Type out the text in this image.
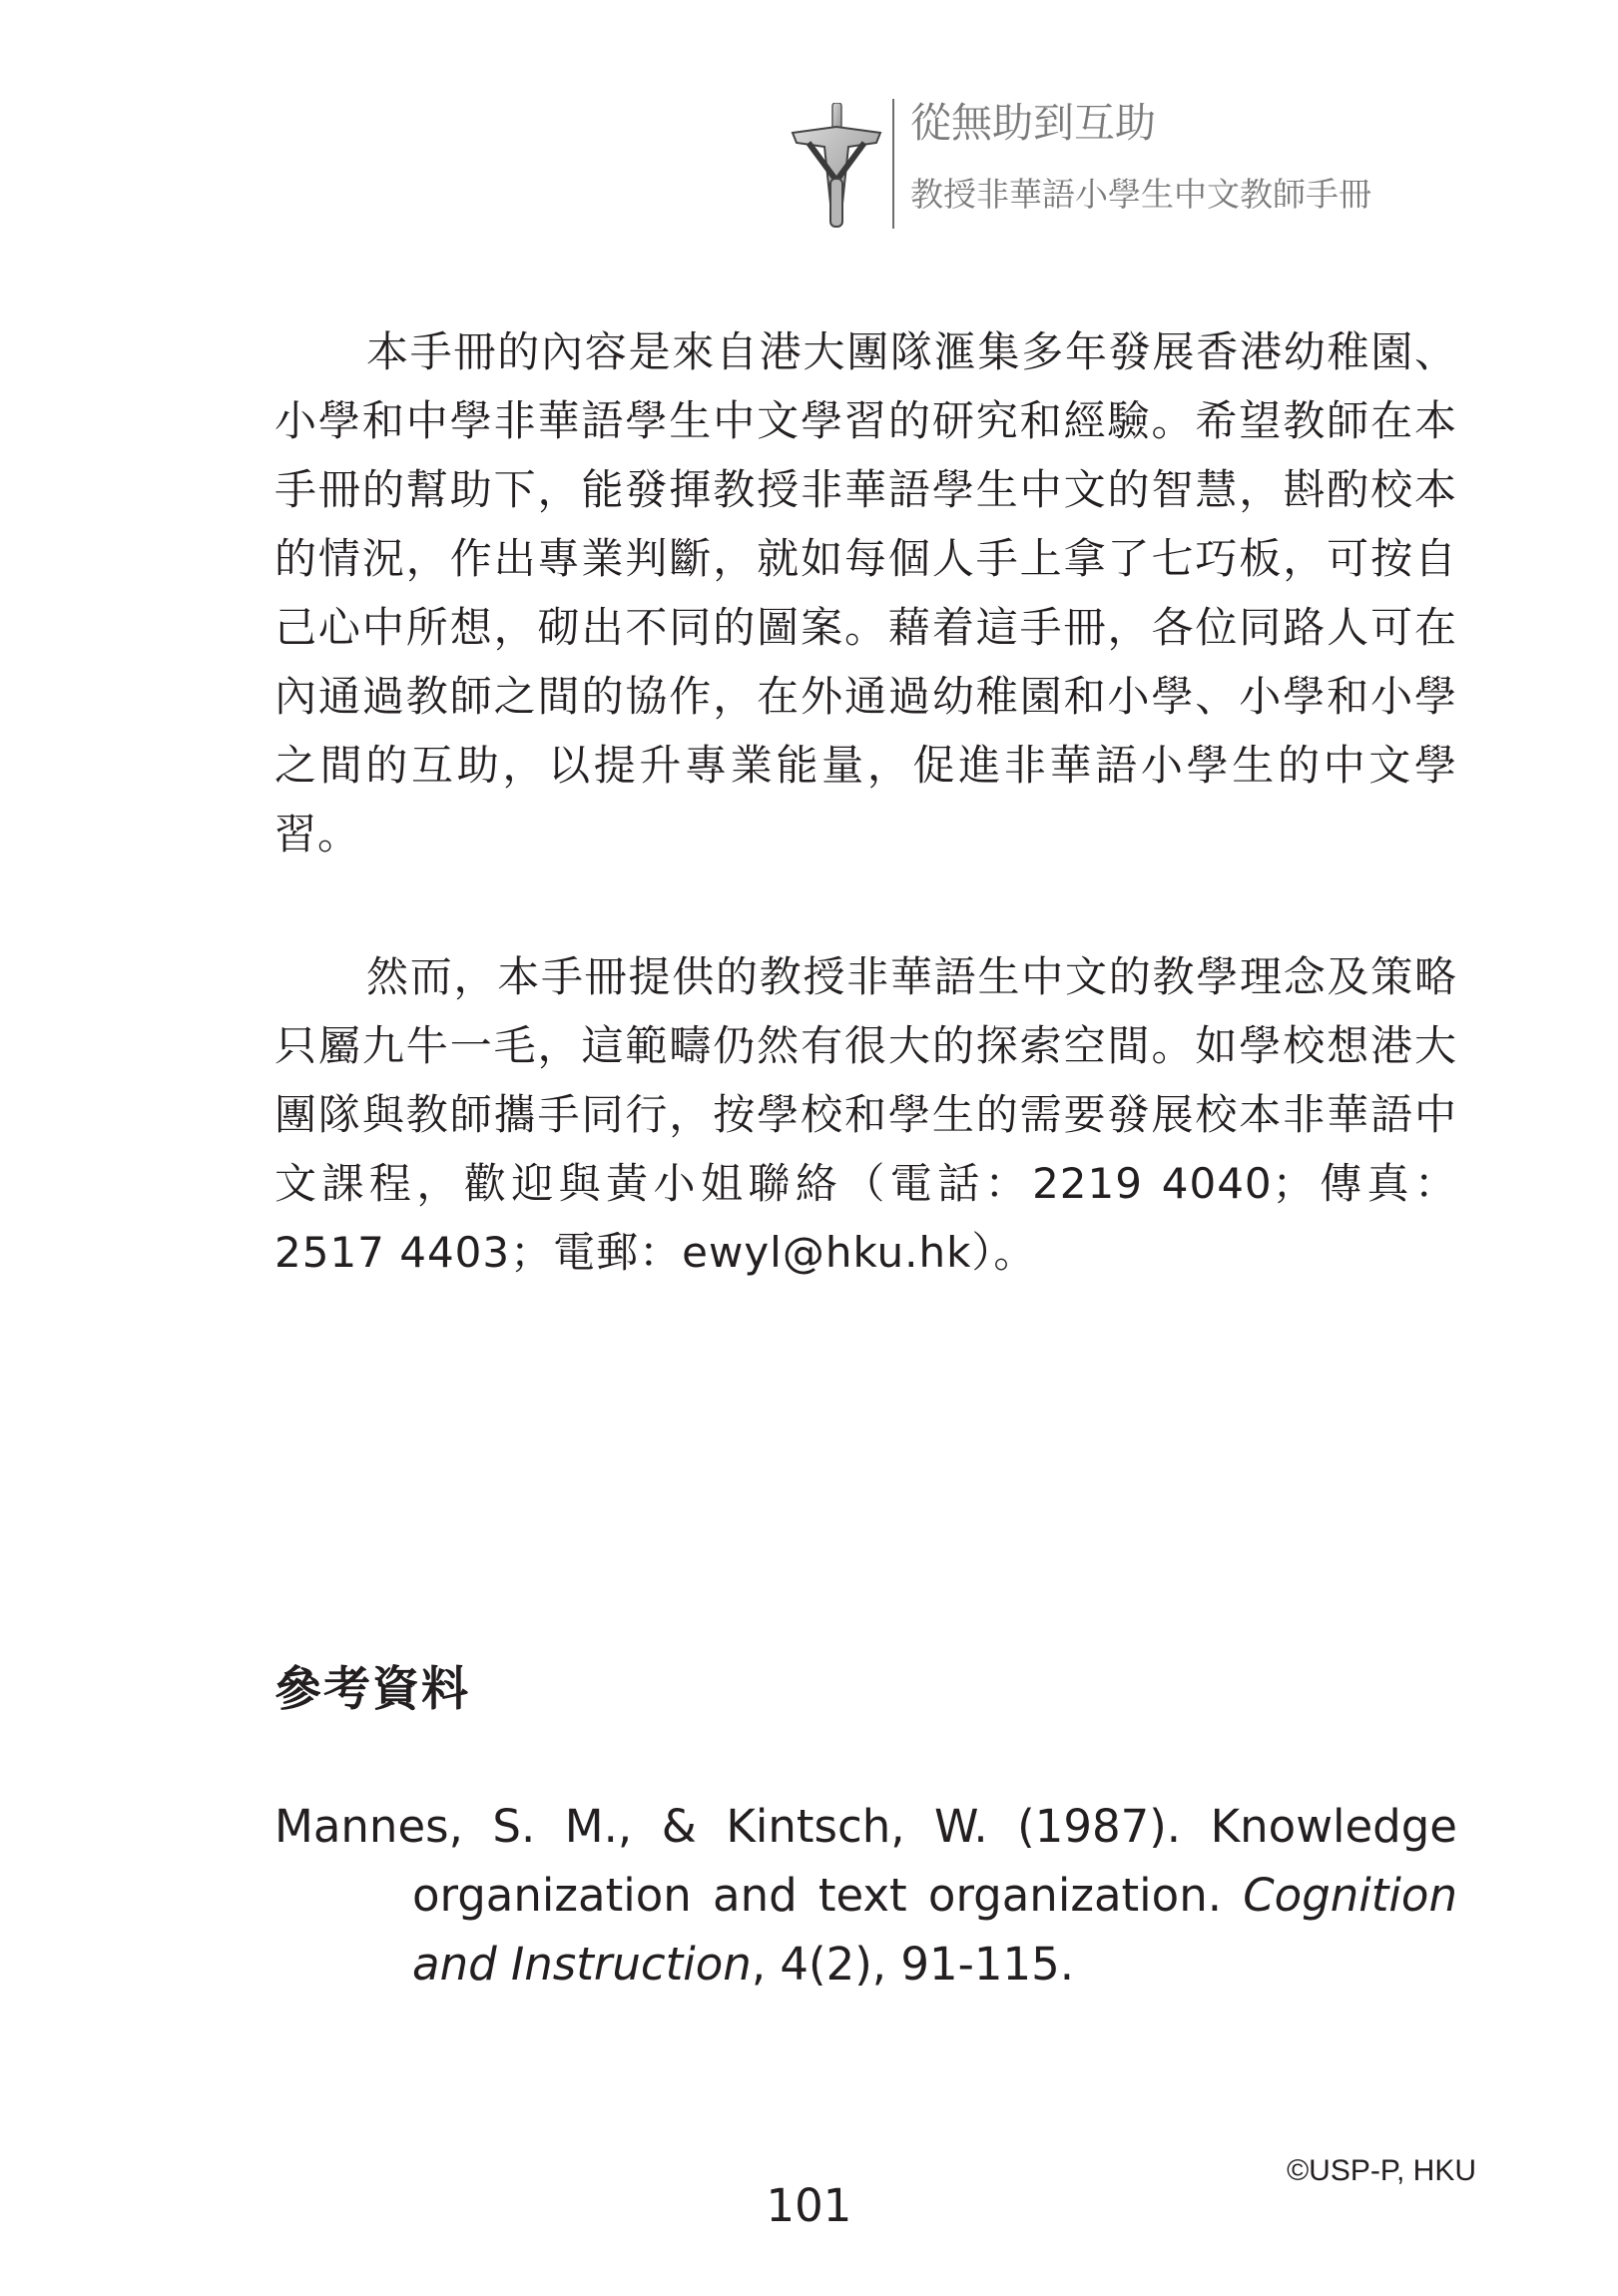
從無助到互助
教授非華語小學生中文教師手冊

本手冊的內容是來自港大團隊滙集多年發展香港幼稚園、小學和中學非華語學生中文學習的研究和經驗。希望教師在本手冊的幫助下，能發揮教授非華語學生中文的智慧，斟酌校本的情況，作出專業判斷，就如每個人手上拿了七巧板，可按自己心中所想，砌出不同的圖案。藉着這手冊，各位同路人可在內通過教師之間的協作，在外通過幼稚園和小學、小學和小學之間的互助，以提升專業能量，促進非華語小學生的中文學習。

然而，本手冊提供的教授非華語生中文的教學理念及策略只屬九牛一毛，這範疇仍然有很大的探索空間。如學校想港大團隊與教師攜手同行，按學校和學生的需要發展校本非華語中文課程，歡迎與黃小姐聯絡（電話：2219 4040；傳真：2517 4403；電郵：ewyl@hku.hk）。

參考資料

Mannes, S. M., & Kintsch, W. (1987). Knowledge organization and text organization. Cognition and Instruction, 4(2), 91-115.

©USP-P, HKU
101
